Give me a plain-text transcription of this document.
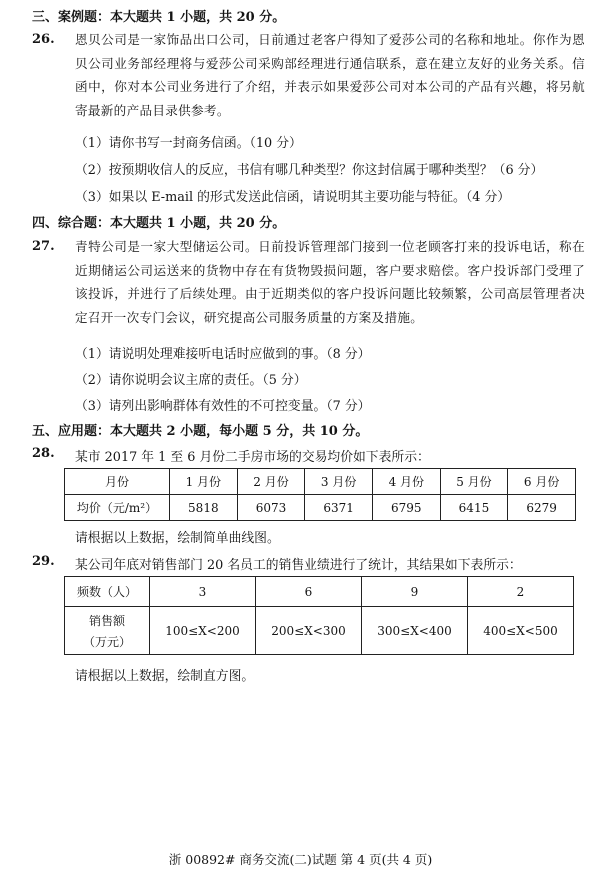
三、案例题：本大题共 1 小题，共 20 分。
26. 恩贝公司是一家饰品出口公司，日前通过老客户得知了爱莎公司的名称和地址。你作为恩贝公司业务部经理将与爱莎公司采购部经理进行通信联系，意在建立友好的业务关系。信函中，你对本公司业务进行了介绍，并表示如果爱莎公司对本公司的产品有兴趣，将另航寄最新的产品目录供参考。
（1）请你书写一封商务信函。（10 分）
（2）按预期收信人的反应，书信有哪几种类型？你这封信属于哪种类型？（6 分）
（3）如果以 E-mail 的形式发送此信函，请说明其主要功能与特征。（4 分）
四、综合题：本大题共 1 小题，共 20 分。
27. 青特公司是一家大型储运公司。日前投诉管理部门接到一位老顾客打来的投诉电话，称在近期储运公司运送来的货物中存在有货物毁损问题，客户要求赔偿。客户投诉部门受理了该投诉，并进行了后续处理。由于近期类似的客户投诉问题比较频繁，公司高层管理者决定召开一次专门会议，研究提高公司服务质量的方案及措施。
（1）请说明处理难接听电话时应做到的事。（8 分）
（2）请你说明会议主席的责任。（5 分）
（3）请列出影响群体有效性的不可控变量。（7 分）
五、应用题：本大题共 2 小题，每小题 5 分，共 10 分。
28. 某市 2017 年 1 至 6 月份二手房市场的交易均价如下表所示：
月份	1 月份	2 月份	3 月份	4 月份	5 月份	6 月份
均价（元/m²）	5818	6073	6371	6795	6415	6279
请根据以上数据，绘制简单曲线图。
29. 某公司年底对销售部门 20 名员工的销售业绩进行了统计，其结果如下表所示：
频数（人）	3	6	9	2

销售额
（万元）	100≤X<200	200≤X<300	300≤X<400	400≤X<500
请根据以上数据，绘制直方图。
浙 00892# 商务交流(二)试题 第 4 页(共 4 页)
